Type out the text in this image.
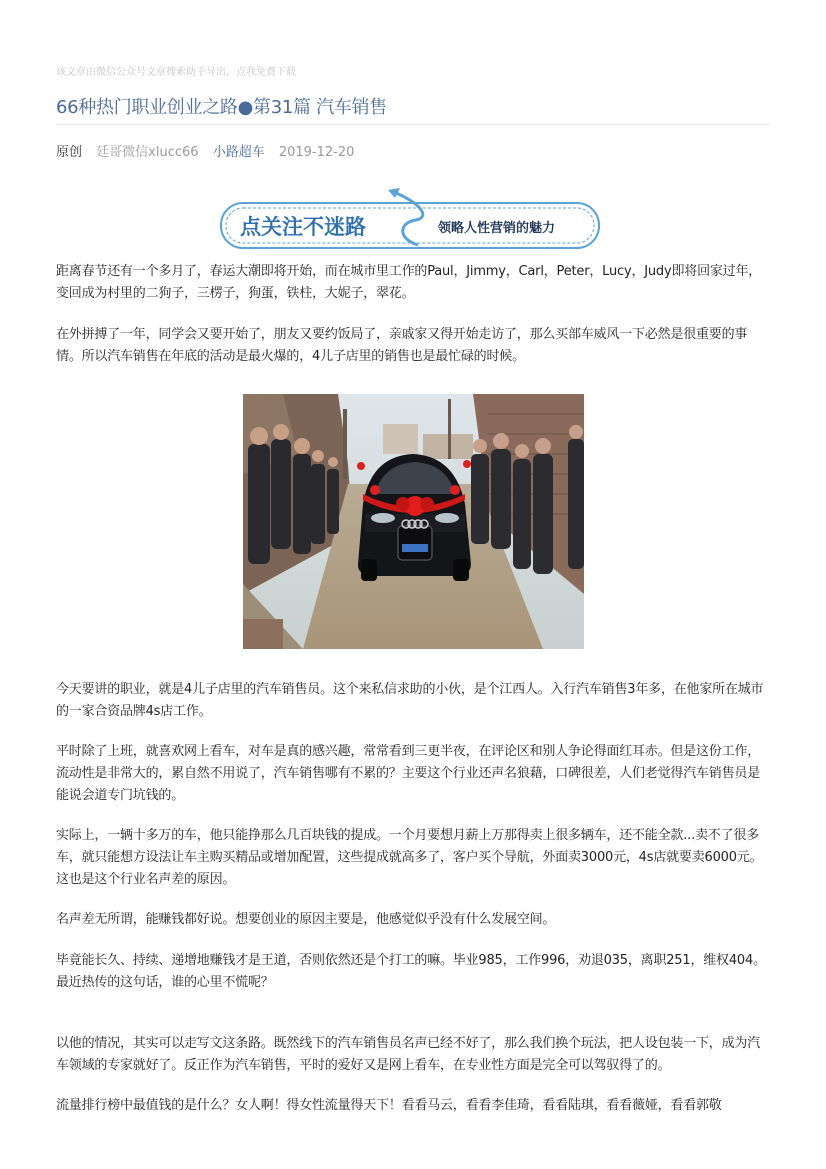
该文章由微信公众号文章搜索助手导出，点我免费下载
66种热门职业创业之路●第31篇 汽车销售
原创 廷哥微信xlucc66 小路超车 2019-12-20
点关注不迷路	领略人性营销的魅力

距离春节还有一个多月了，春运大潮即将开始，而在城市里工作的Paul，Jimmy，Carl，Peter，Lucy，Judy即将回家过年，变回成为村里的二狗子，三楞子，狗蛋，铁柱，大妮子，翠花。

在外拼搏了一年，同学会又要开始了，朋友又要约饭局了，亲戚家又得开始走访了，那么买部车威风一下必然是很重要的事情。所以汽车销售在年底的活动是最火爆的，4儿子店里的销售也是最忙碌的时候。

今天要讲的职业，就是4儿子店里的汽车销售员。这个来私信求助的小伙，是个江西人。入行汽车销售3年多，在他家所在城市的一家合资品牌4s店工作。

平时除了上班，就喜欢网上看车，对车是真的感兴趣，常常看到三更半夜，在评论区和别人争论得面红耳赤。但是这份工作，流动性是非常大的，累自然不用说了，汽车销售哪有不累的？主要这个行业还声名狼藉，口碑很差，人们老觉得汽车销售员是能说会道专门坑钱的。

实际上，一辆十多万的车，他只能挣那么几百块钱的提成。一个月要想月薪上万那得卖上很多辆车，还不能全款...卖不了很多车，就只能想方设法让车主购买精品或增加配置，这些提成就高多了，客户买个导航，外面卖3000元，4s店就要卖6000元。这也是这个行业名声差的原因。

名声差无所谓，能赚钱都好说。想要创业的原因主要是，他感觉似乎没有什么发展空间。

毕竟能长久、持续、递增地赚钱才是王道，否则依然还是个打工的嘛。毕业985，工作996，劝退035，离职251，维权404。最近热传的这句话，谁的心里不慌呢？

以他的情况，其实可以走写文这条路。既然线下的汽车销售员名声已经不好了，那么我们换个玩法，把人设包装一下，成为汽车领域的专家就好了。反正作为汽车销售，平时的爱好又是网上看车，在专业性方面是完全可以驾驭得了的。

流量排行榜中最值钱的是什么？女人啊！得女性流量得天下！看看马云，看看李佳琦，看看陆琪，看看薇娅，看看郭敬
